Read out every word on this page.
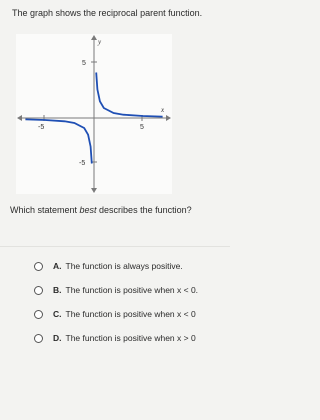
The graph shows the reciprocal parent function.
x
y
-5	5
5
-5
Which statement best describes the function?
A. The function is always positive.
B. The function is positive when x < 0.
C. The function is positive when x < 0
D. The function is positive when x > 0
